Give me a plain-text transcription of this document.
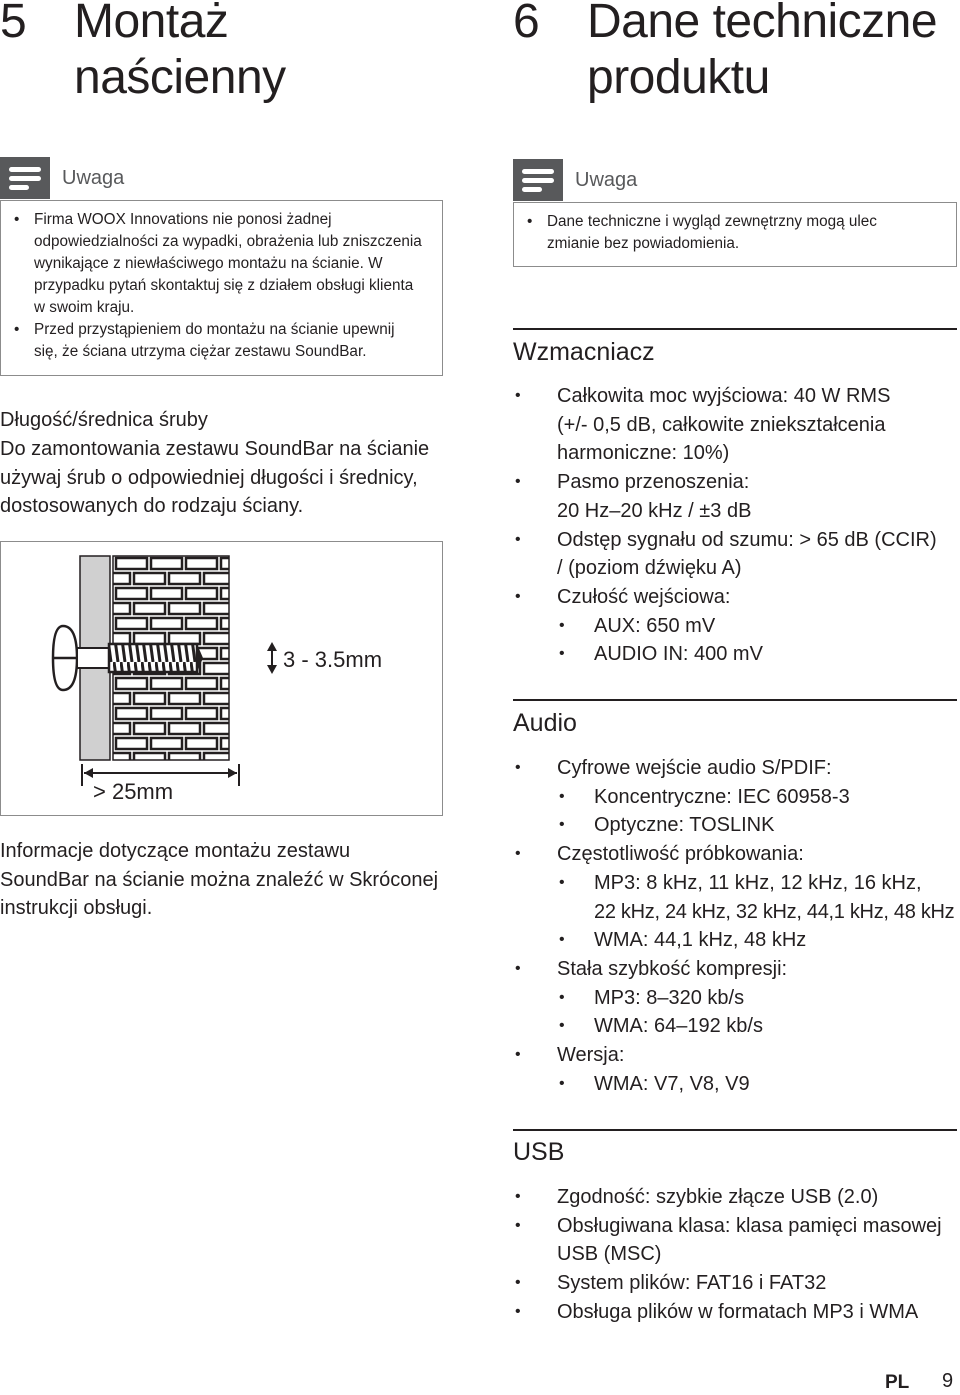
5 Montaż
naścienny
Uwaga
• Firma WOOX Innovations nie ponosi żadnej
odpowiedzialności za wypadki, obrażenia lub zniszczenia
wynikające z niewłaściwego montażu na ścianie. W
przypadku pytań skontaktuj się z działem obsługi klienta
w swoim kraju.
• Przed przystąpieniem do montażu na ścianie upewnij
się, że ściana utrzyma ciężar zestawu SoundBar.
Długość/średnica śruby
Do zamontowania zestawu SoundBar na ścianie
używaj śrub o odpowiedniej długości i średnicy,
dostosowanych do rodzaju ściany.
3 - 3.5mm
> 25mm
Informacje dotyczące montażu zestawu
SoundBar na ścianie można znaleźć w Skróconej
instrukcji obsługi.
6 Dane techniczne
produktu
Uwaga
• Dane techniczne i wygląd zewnętrzny mogą ulec
zmianie bez powiadomienia.
Wzmacniacz
• Całkowita moc wyjściowa: 40 W RMS
(+/- 0,5 dB, całkowite zniekształcenia
harmoniczne: 10%)
• Pasmo przenoszenia:
20 Hz–20 kHz / ±3 dB
• Odstęp sygnału od szumu: > 65 dB (CCIR)
/ (poziom dźwięku A)
• Czułość wejściowa:
• AUX: 650 mV
• AUDIO IN: 400 mV
Audio
• Cyfrowe wejście audio S/PDIF:
• Koncentryczne: IEC 60958-3
• Optyczne: TOSLINK
• Częstotliwość próbkowania:
• MP3: 8 kHz, 11 kHz, 12 kHz, 16 kHz,
22 kHz, 24 kHz, 32 kHz, 44,1 kHz, 48 kHz
• WMA: 44,1 kHz, 48 kHz
• Stała szybkość kompresji:
• MP3: 8–320 kb/s
• WMA: 64–192 kb/s
• Wersja:
• WMA: V7, V8, V9
USB
• Zgodność: szybkie złącze USB (2.0)
• Obsługiwana klasa: klasa pamięci masowej
USB (MSC)
• System plików: FAT16 i FAT32
• Obsługa plików w formatach MP3 i WMA
PL 9
